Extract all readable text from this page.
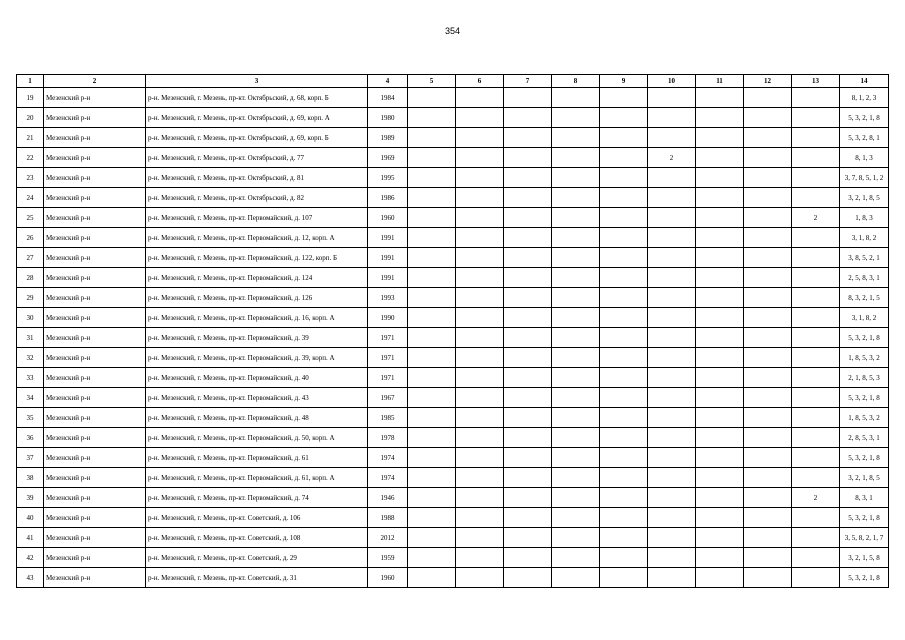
354
1	2	3	4	5	6	7	8	9	10	11	12	13	14
19	Мезенский р-н	р-н. Мезенский, г. Мезень, пр-кт. Октябрьский, д. 68, корп. Б	1984										8, 1, 2, 3
20	Мезенский р-н	р-н. Мезенский, г. Мезень, пр-кт. Октябрьский, д. 69, корп. А	1980										5, 3, 2, 1, 8
21	Мезенский р-н	р-н. Мезенский, г. Мезень, пр-кт. Октябрьский, д. 69, корп. Б	1989										5, 3, 2, 8, 1
22	Мезенский р-н	р-н. Мезенский, г. Мезень, пр-кт. Октябрьский, д. 77	1969						2				8, 1, 3
23	Мезенский р-н	р-н. Мезенский, г. Мезень, пр-кт. Октябрьский, д. 81	1995										3, 7, 8, 5, 1, 2
24	Мезенский р-н	р-н. Мезенский, г. Мезень, пр-кт. Октябрьский, д. 82	1986										3, 2, 1, 8, 5
25	Мезенский р-н	р-н. Мезенский, г. Мезень, пр-кт. Первомайский, д. 107	1960									2	1, 8, 3
26	Мезенский р-н	р-н. Мезенский, г. Мезень, пр-кт. Первомайский, д. 12, корп. А	1991										3, 1, 8, 2
27	Мезенский р-н	р-н. Мезенский, г. Мезень, пр-кт. Первомайский, д. 122, корп. Б	1991										3, 8, 5, 2, 1
28	Мезенский р-н	р-н. Мезенский, г. Мезень, пр-кт. Первомайский, д. 124	1991										2, 5, 8, 3, 1
29	Мезенский р-н	р-н. Мезенский, г. Мезень, пр-кт. Первомайский, д. 126	1993										8, 3, 2, 1, 5
30	Мезенский р-н	р-н. Мезенский, г. Мезень, пр-кт. Первомайский, д. 16, корп. А	1990										3, 1, 8, 2
31	Мезенский р-н	р-н. Мезенский, г. Мезень, пр-кт. Первомайский, д. 39	1971										5, 3, 2, 1, 8
32	Мезенский р-н	р-н. Мезенский, г. Мезень, пр-кт. Первомайский, д. 39, корп. А	1971										1, 8, 5, 3, 2
33	Мезенский р-н	р-н. Мезенский, г. Мезень, пр-кт. Первомайский, д. 40	1971										2, 1, 8, 5, 3
34	Мезенский р-н	р-н. Мезенский, г. Мезень, пр-кт. Первомайский, д. 43	1967										5, 3, 2, 1, 8
35	Мезенский р-н	р-н. Мезенский, г. Мезень, пр-кт. Первомайский, д. 48	1985										1, 8, 5, 3, 2
36	Мезенский р-н	р-н. Мезенский, г. Мезень, пр-кт. Первомайский, д. 50, корп. А	1978										2, 8, 5, 3, 1
37	Мезенский р-н	р-н. Мезенский, г. Мезень, пр-кт. Первомайский, д. 61	1974										5, 3, 2, 1, 8
38	Мезенский р-н	р-н. Мезенский, г. Мезень, пр-кт. Первомайский, д. 61, корп. А	1974										3, 2, 1, 8, 5
39	Мезенский р-н	р-н. Мезенский, г. Мезень, пр-кт. Первомайский, д. 74	1946									2	8, 3, 1
40	Мезенский р-н	р-н. Мезенский, г. Мезень, пр-кт. Советский, д. 106	1988										5, 3, 2, 1, 8
41	Мезенский р-н	р-н. Мезенский, г. Мезень, пр-кт. Советский, д. 108	2012										3, 5, 8, 2, 1, 7
42	Мезенский р-н	р-н. Мезенский, г. Мезень, пр-кт. Советский, д. 29	1959										3, 2, 1, 5, 8
43	Мезенский р-н	р-н. Мезенский, г. Мезень, пр-кт. Советский, д. 31	1960										5, 3, 2, 1, 8
